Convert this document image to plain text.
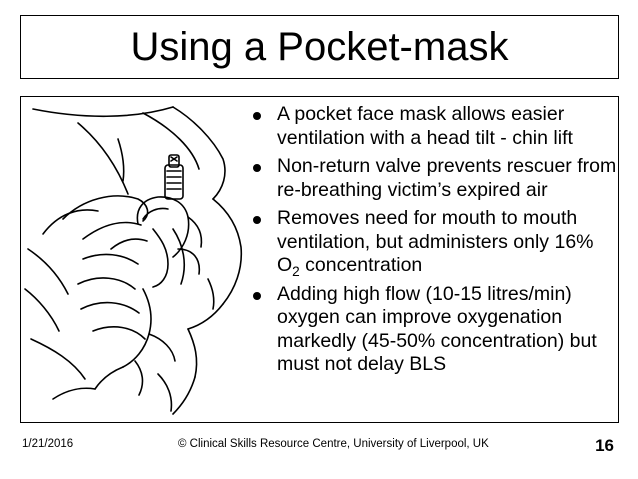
Using a Pocket-mask
A pocket face mask allows easier ventilation with a head tilt - chin lift
Non-return valve prevents rescuer from re-breathing victim’s expired air
Removes need for mouth to mouth ventilation, but administers only 16% $O_2$ concentration
Adding high flow (10-15 litres/min) oxygen can improve oxygenation markedly (45-50% concentration) but must not delay BLS
1/21/2016	© Clinical Skills Resource Centre, University of Liverpool, UK	16
